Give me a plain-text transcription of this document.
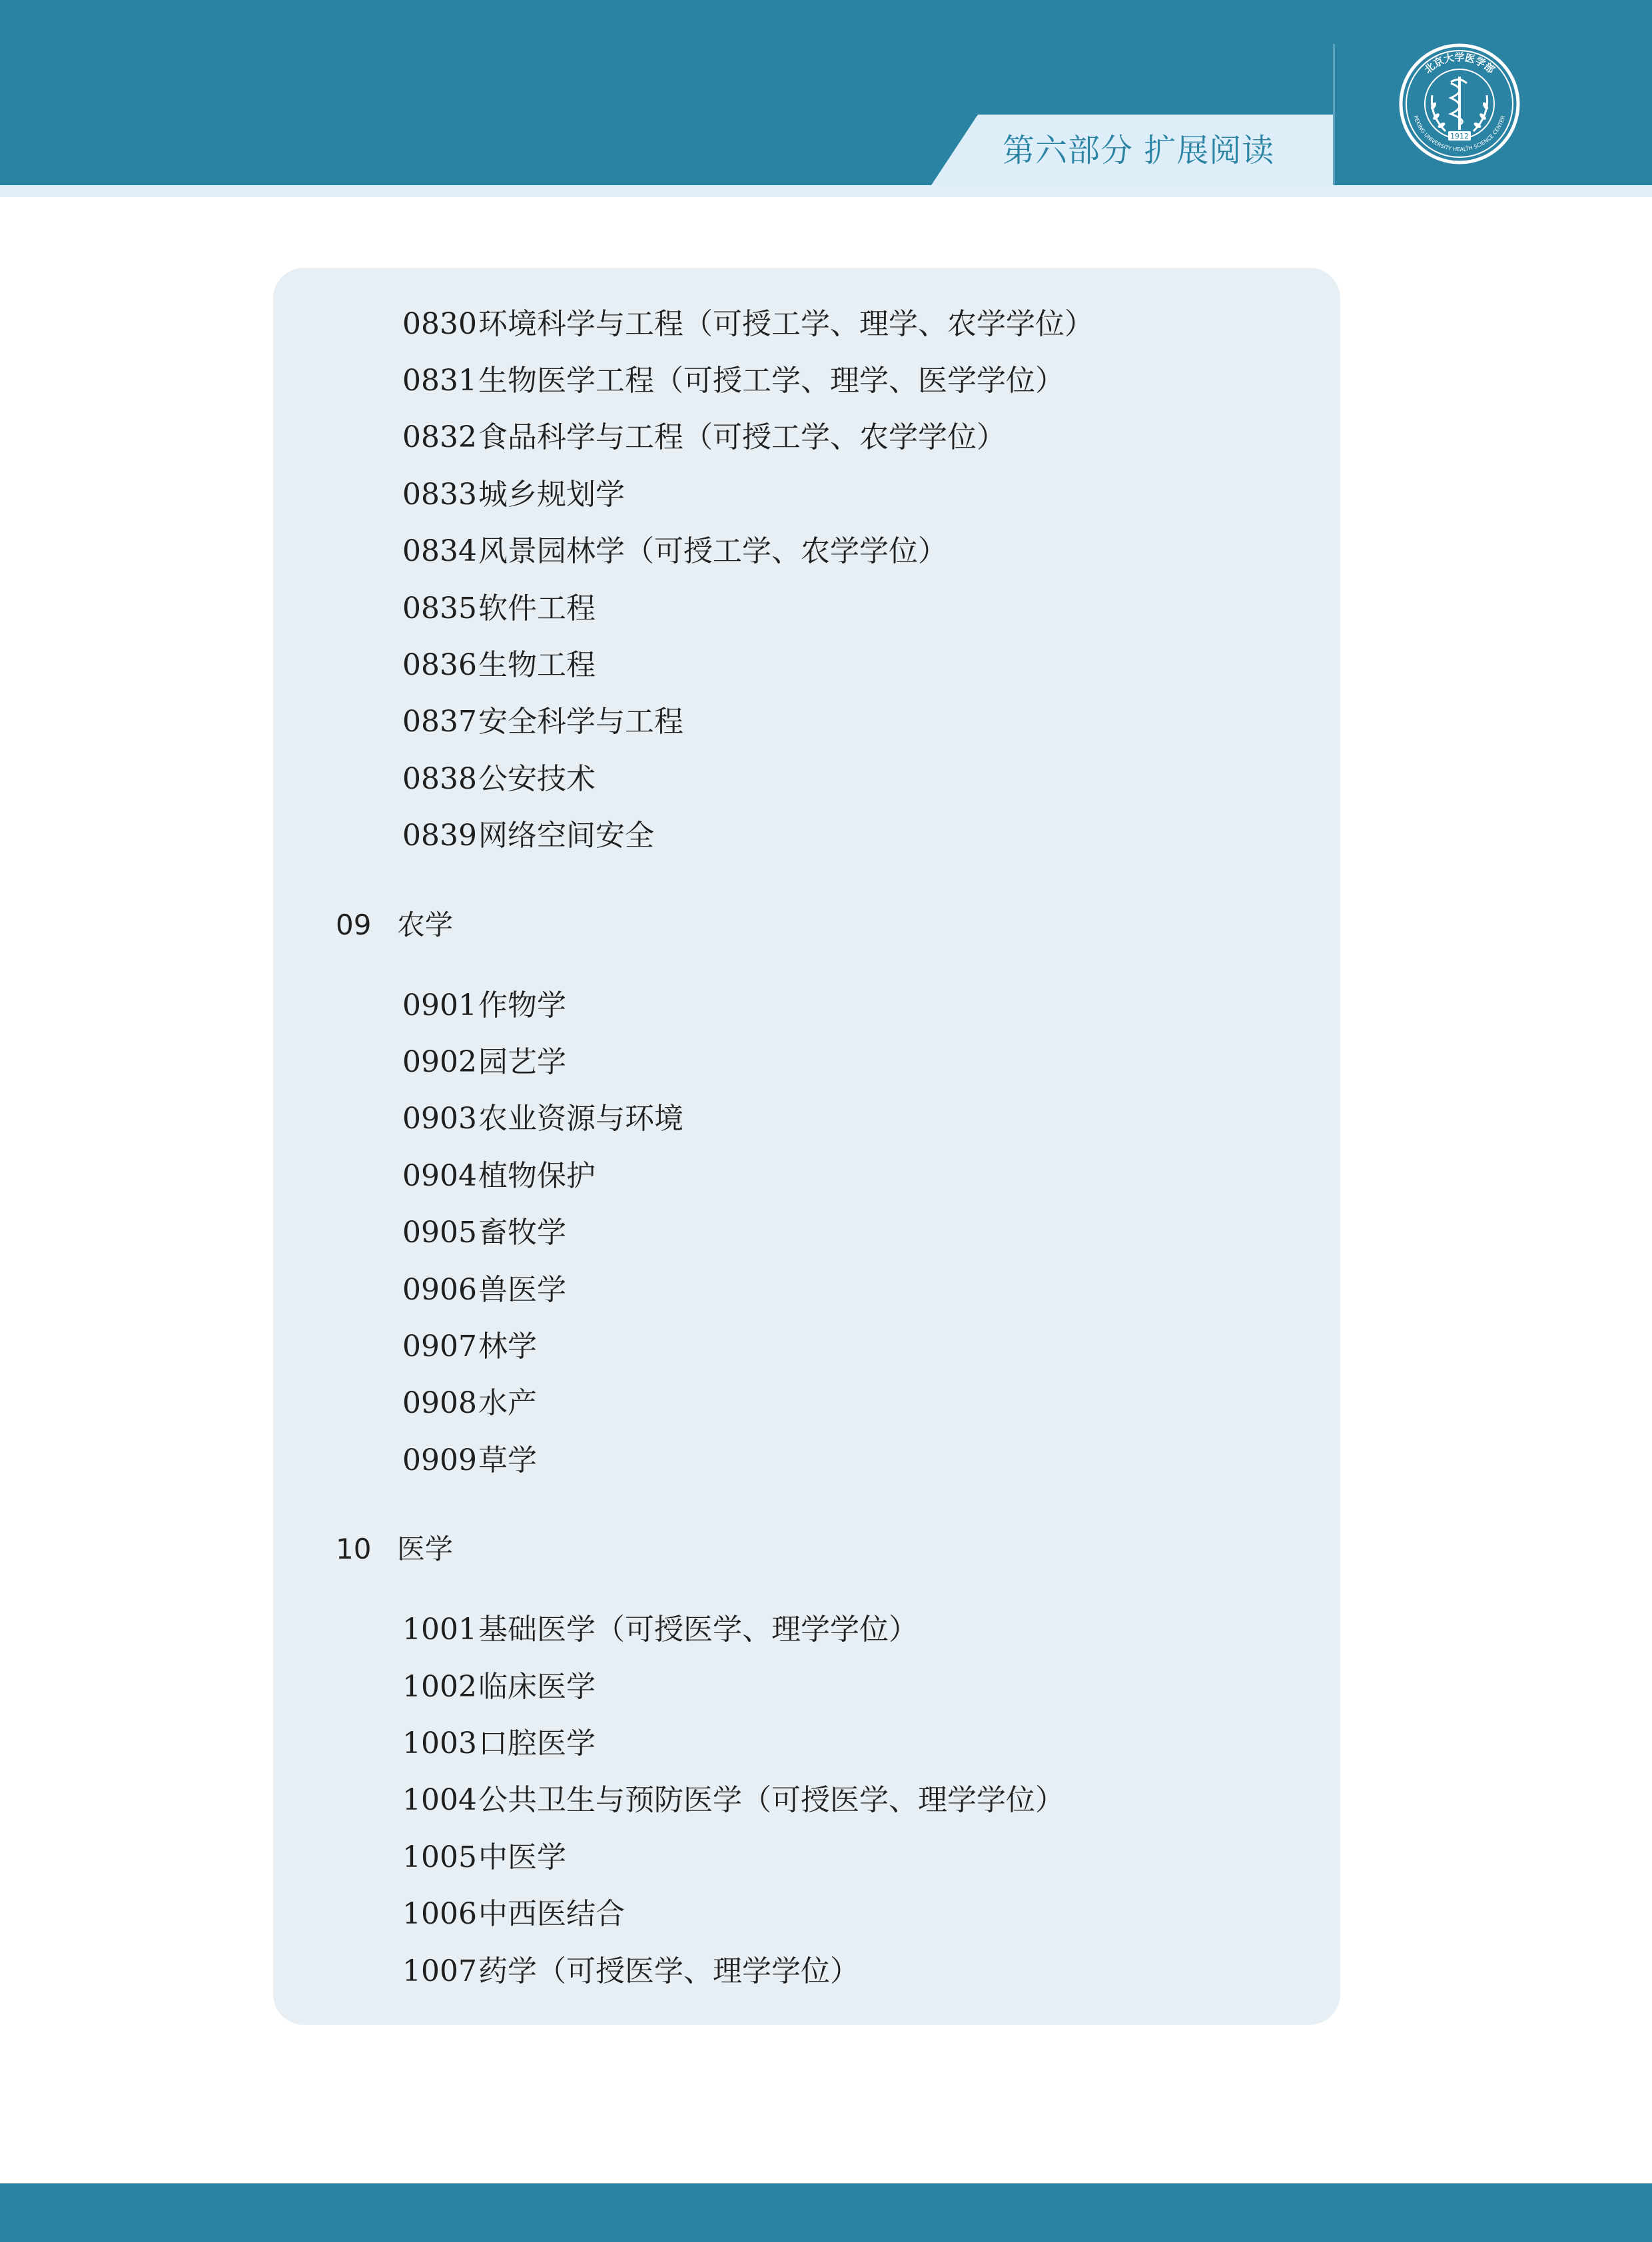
第六部分 扩展阅读
北京大学医学部
PEKING UNIVERSITY HEALTH SCIENCE CENTER
1912
0830环境科学与工程（可授工学、理学、农学学位）
0831生物医学工程（可授工学、理学、医学学位）
0832食品科学与工程（可授工学、农学学位）
0833城乡规划学
0834风景园林学（可授工学、农学学位）
0835软件工程
0836生物工程
0837安全科学与工程
0838公安技术
0839网络空间安全
09 农学
0901作物学
0902园艺学
0903农业资源与环境
0904植物保护
0905畜牧学
0906兽医学
0907林学
0908水产
0909草学
10 医学
1001基础医学（可授医学、理学学位）
1002临床医学
1003口腔医学
1004公共卫生与预防医学（可授医学、理学学位）
1005中医学
1006中西医结合
1007药学（可授医学、理学学位）
